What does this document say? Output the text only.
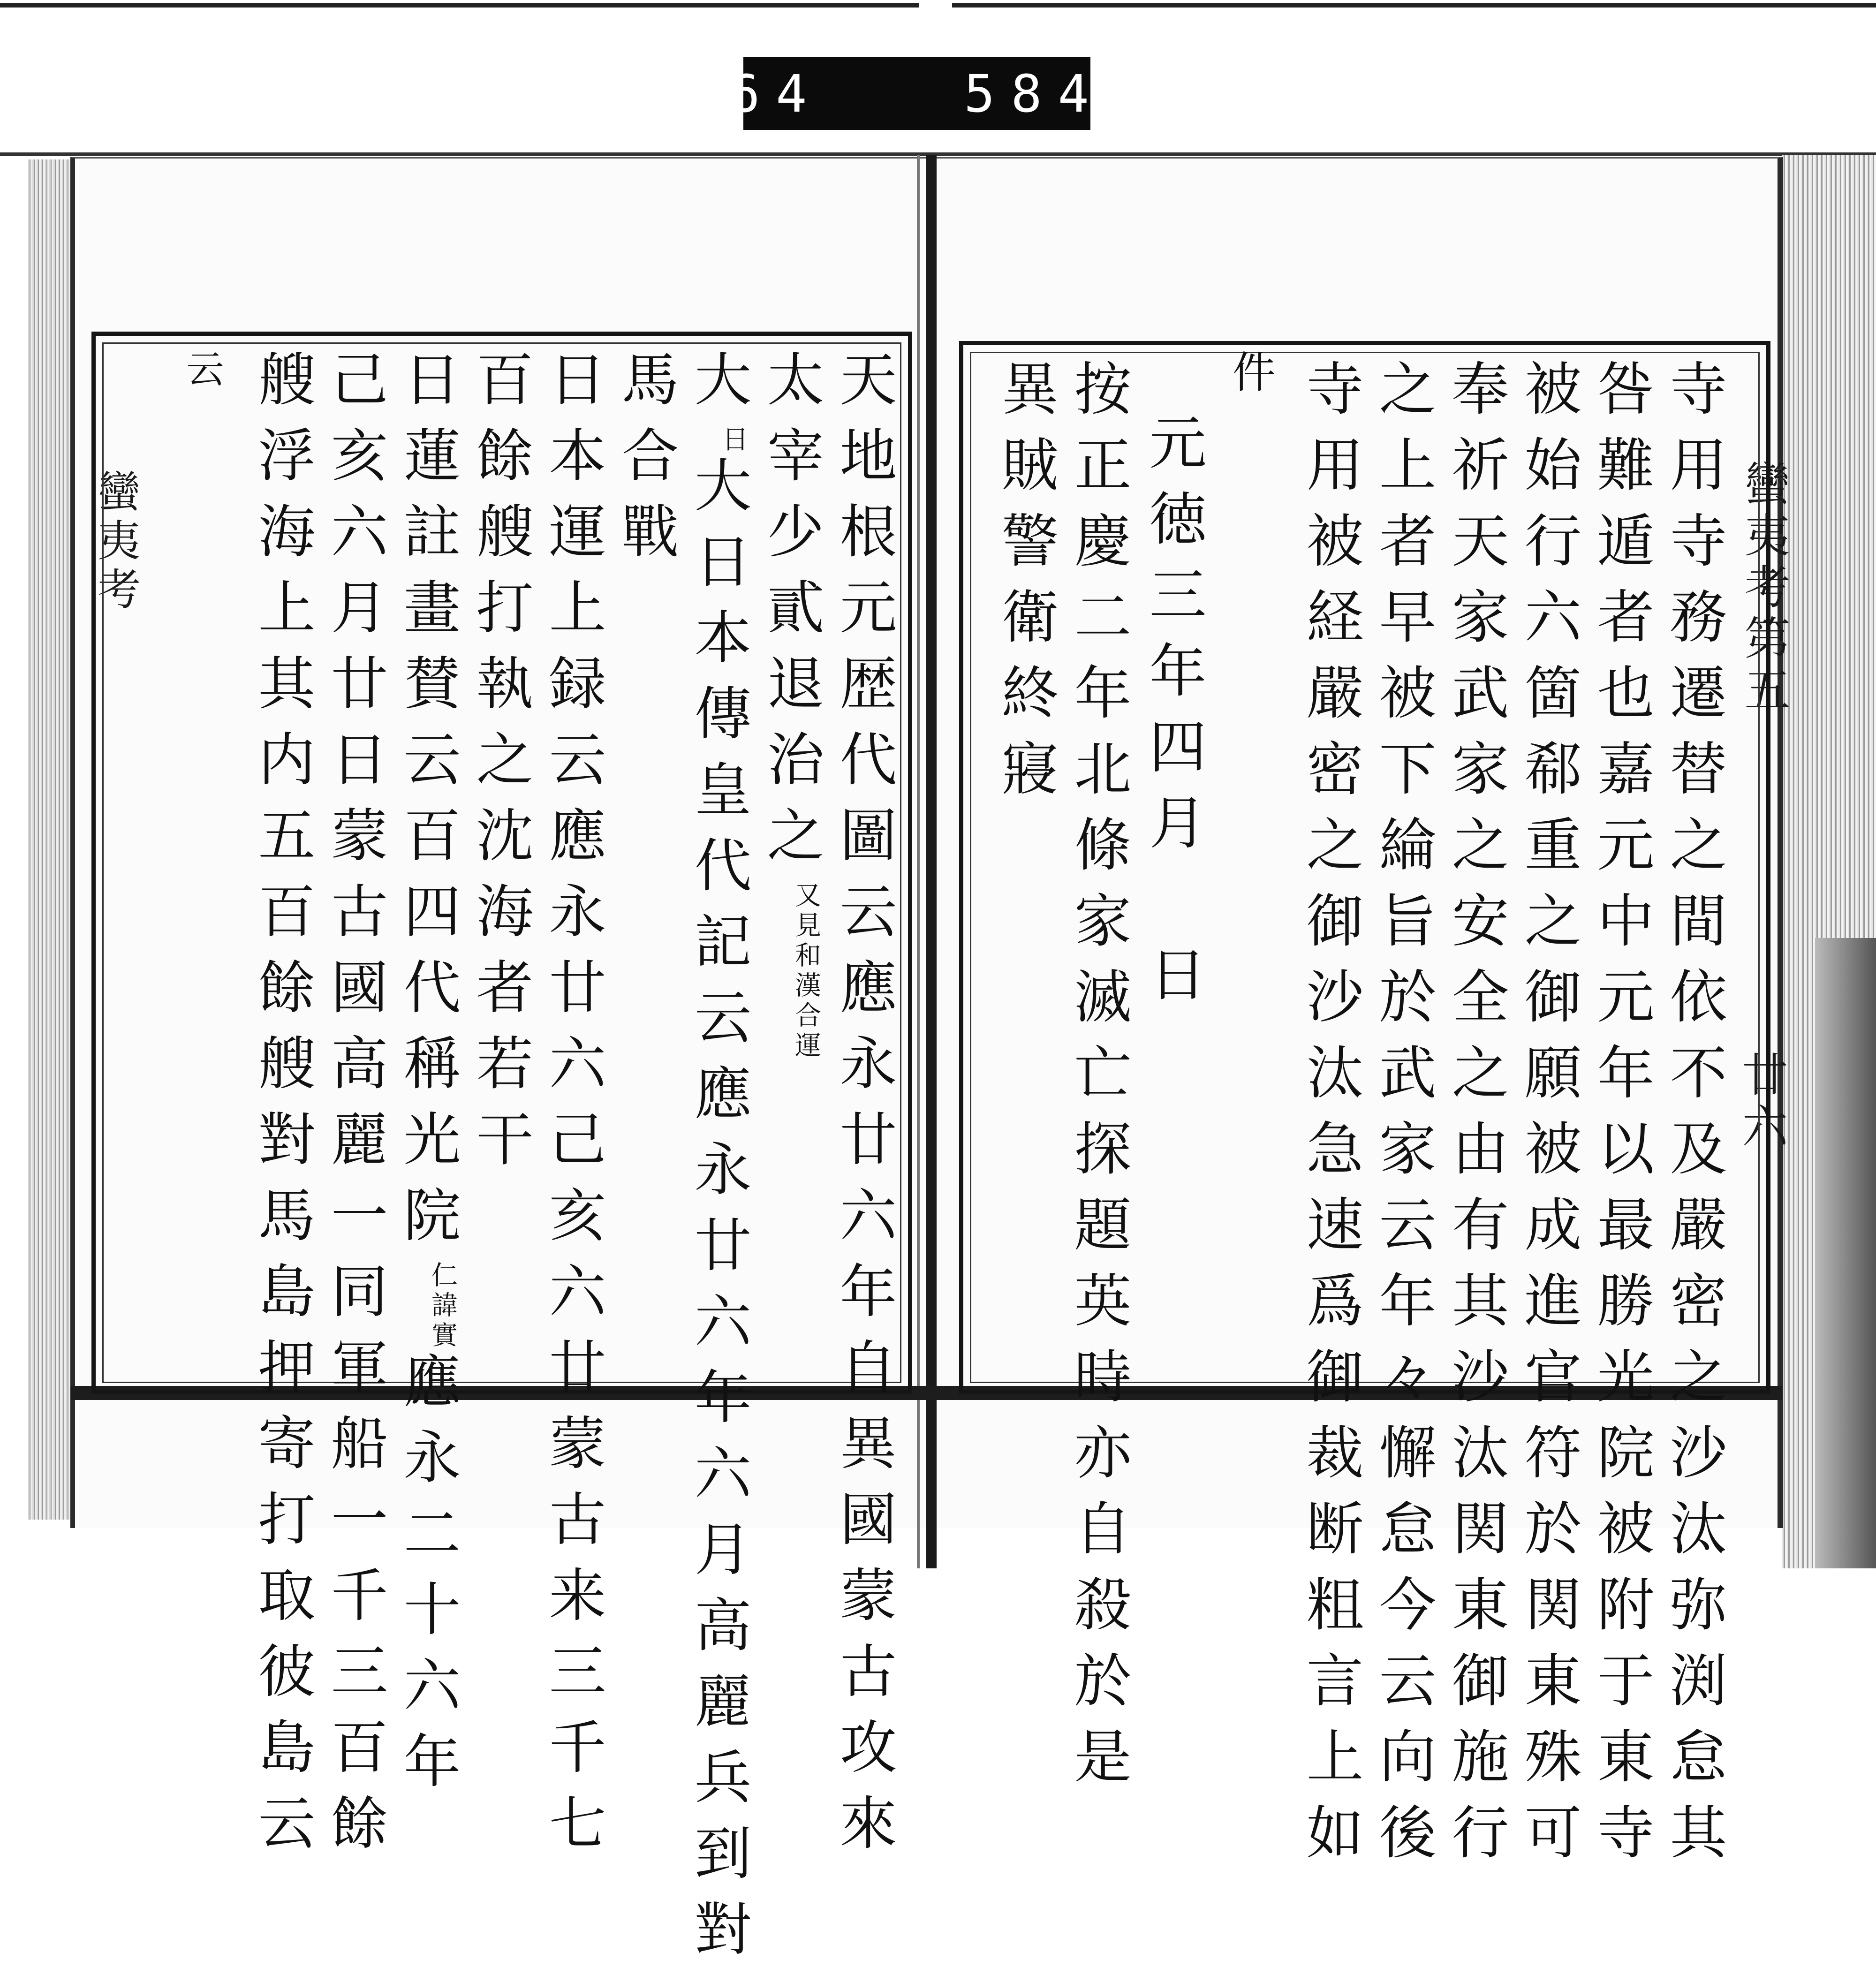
664
	584.
蠻夷考	蠻夷考第五
廿六
天地根元歴代圖云應永廿六年自異國蒙古攻來
太宰少貳退治之又見和漢合運
大日大日本傳皇代記云應永廿六年六月高麗兵到對
馬合戰
日本運上録云應永廿六己亥六廿蒙古来三千七
百餘艘打執之沈海者若干
日蓮註畫賛云百四代稱光院仁諱實應永二十六年
己亥六月廿日蒙古國高麗一同軍船一千三百餘
艘浮海上其内五百餘艘對馬島押寄打取彼島云
云	寺用寺務遷替之間依不及嚴密之沙汰弥渕怠其
咎難遁者也嘉元中元年以最勝光院被附于東寺
被始行六箇郗重之御願被成進官符於関東殊可
奉祈天家武家之安全之由有其沙汰関東御施行
之上者早被下綸旨於武家云年々懈怠今云向後
寺用被経嚴密之御沙汰急速爲御裁断粗言上如
件
元徳三年四月　日
按正慶二年北條家滅亡探題英時亦自殺於是
異賊警衛終寢
